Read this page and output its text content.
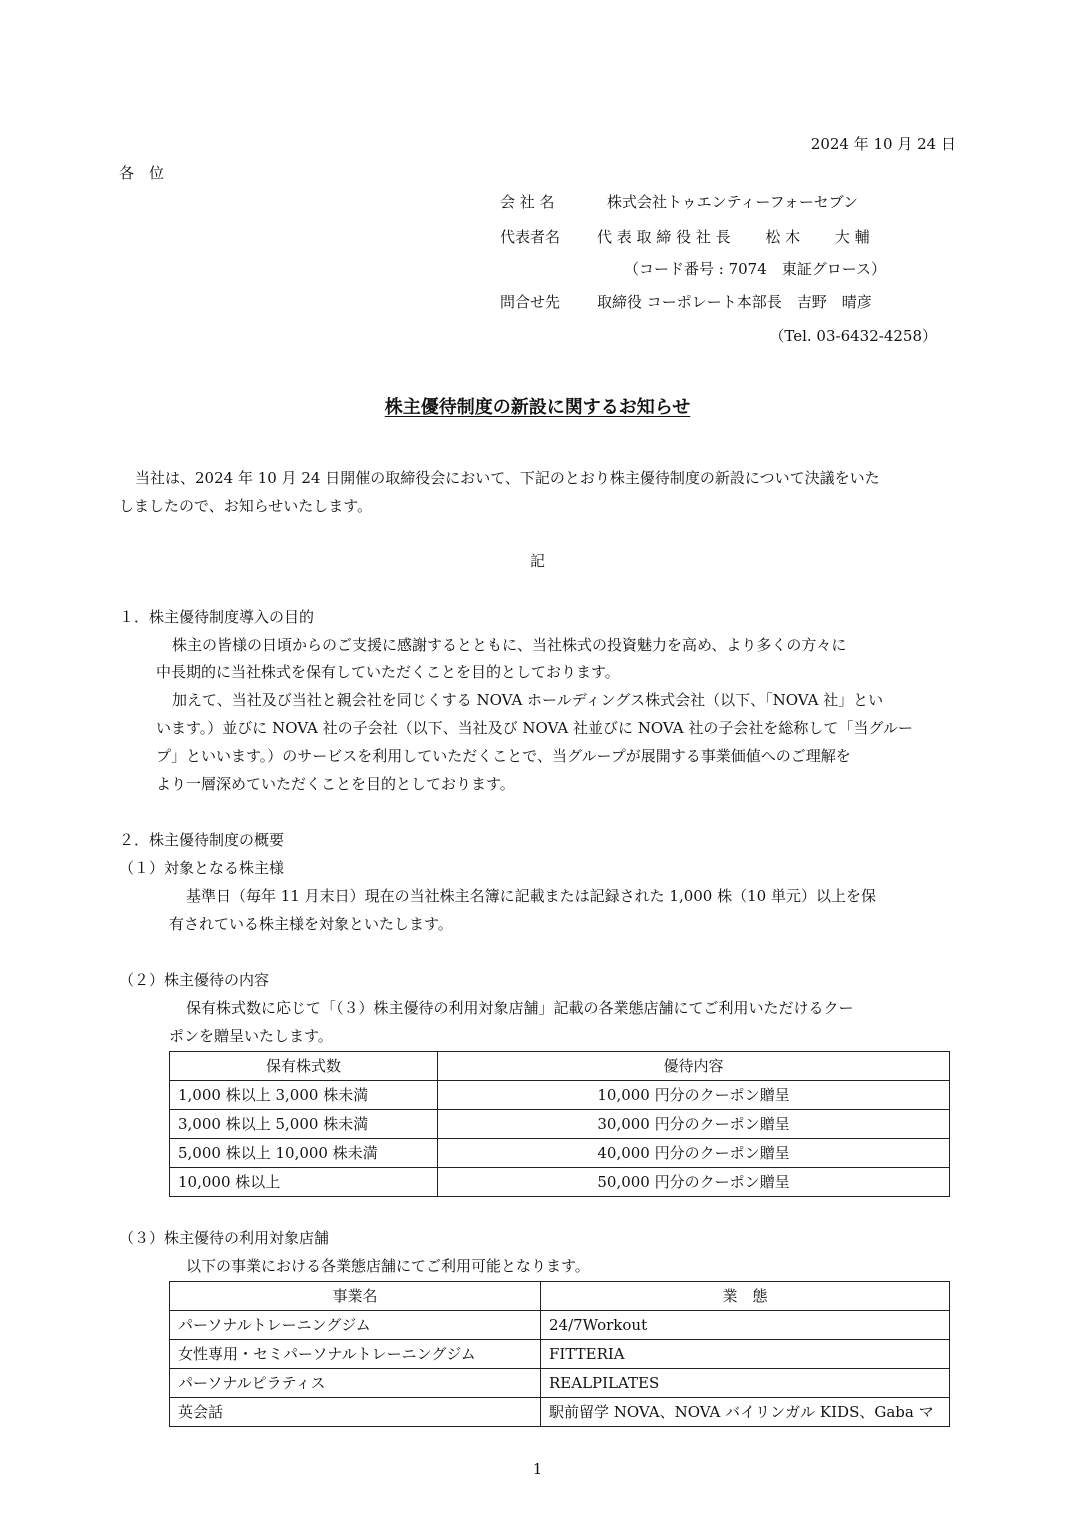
2024 年 10 月 24 日
各　位
会 社 名	株式会社トゥエンティーフォーセブン
代表者名 代 表 取 締 役 社 長　　 松 木　　 大 輔
（コード番号 : 7074　東証グロース）
問合せ先 取締役 コーポレート本部長　吉野　晴彦
（Tel. 03-6432-4258）
株主優待制度の新設に関するお知らせ
当社は、2024 年 10 月 24 日開催の取締役会において、下記のとおり株主優待制度の新設について決議をいた
しましたので、お知らせいたします。
記
１．株主優待制度導入の目的
株主の皆様の日頃からのご支援に感謝するとともに、当社株式の投資魅力を高め、より多くの方々に
中長期的に当社株式を保有していただくことを目的としております。
加えて、当社及び当社と親会社を同じくする NOVA ホールディングス株式会社（以下、「NOVA 社」とい
います。）並びに NOVA 社の子会社（以下、当社及び NOVA 社並びに NOVA 社の子会社を総称して「当グルー
プ」といいます。）のサービスを利用していただくことで、当グループが展開する事業価値へのご理解を
より一層深めていただくことを目的としております。
２．株主優待制度の概要
（１）対象となる株主様
基準日（毎年 11 月末日）現在の当社株主名簿に記載または記録された 1,000 株（10 単元）以上を保
有されている株主様を対象といたします。
（２）株主優待の内容
保有株式数に応じて「（３）株主優待の利用対象店舗」記載の各業態店舗にてご利用いただけるクー
ポンを贈呈いたします。
保有株式数	優待内容
1,000 株以上 3,000 株未満	10,000 円分のクーポン贈呈
3,000 株以上 5,000 株未満	30,000 円分のクーポン贈呈
5,000 株以上 10,000 株未満	40,000 円分のクーポン贈呈
10,000 株以上	50,000 円分のクーポン贈呈
（３）株主優待の利用対象店舗
以下の事業における各業態店舗にてご利用可能となります。
事業名	業　態
パーソナルトレーニングジム	24/7Workout
女性専用・セミパーソナルトレーニングジム	FITTERIA
パーソナルピラティス	REALPILATES
英会話	駅前留学 NOVA、NOVA バイリンガル KIDS、Gaba マ
1
